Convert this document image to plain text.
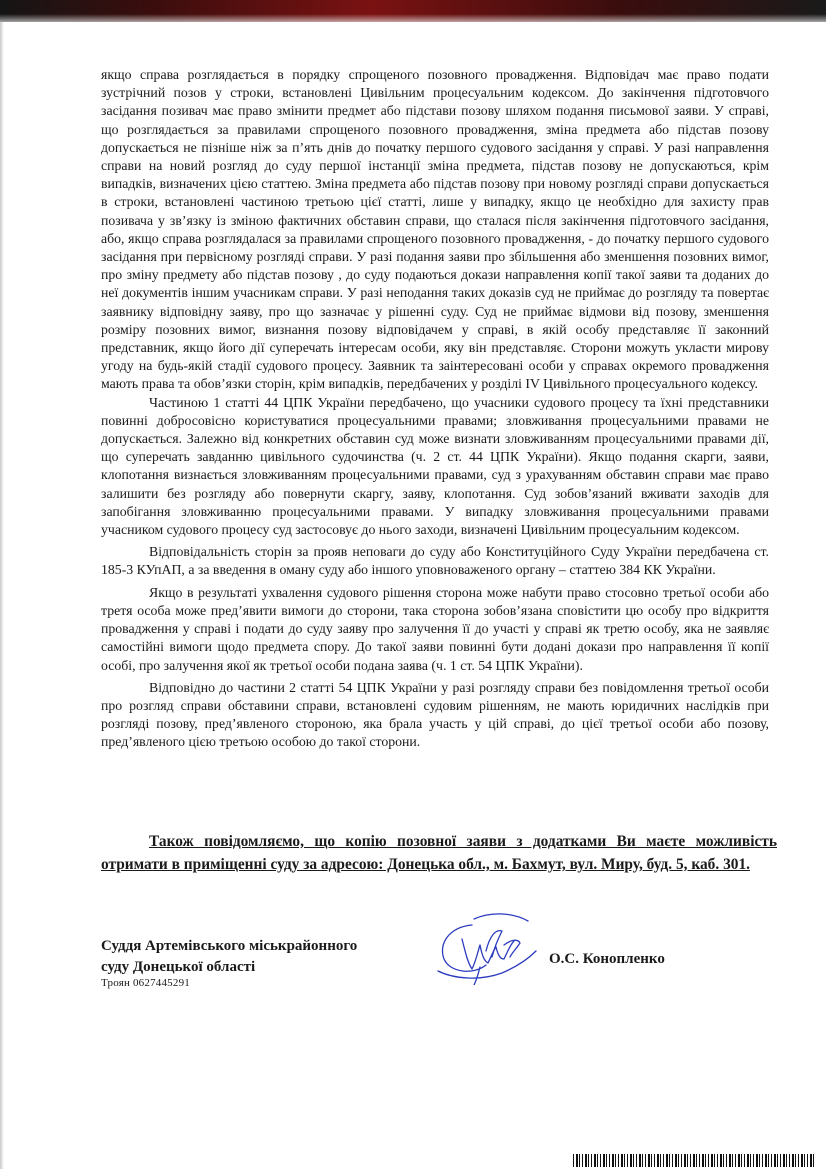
якщо справа розглядається в порядку спрощеного позовного провадження. Відповідач має право подати зустрічний позов у строки, встановлені Цивільним процесуальним кодексом. До закінчення підготовчого засідання позивач має право змінити предмет або підстави позову шляхом подання письмової заяви. У справі, що розглядається за правилами спрощеного позовного провадження, зміна предмета або підстав позову допускається не пізніше ніж за п’ять днів до початку першого судового засідання у справі. У разі направлення справи на новий розгляд до суду першої інстанції зміна предмета, підстав позову не допускаються, крім випадків, визначених цією статтею. Зміна предмета або підстав позову при новому розгляді справи допускається в строки, встановлені частиною третьою цієї статті, лише у випадку, якщо це необхідно для захисту прав позивача у зв’язку із зміною фактичних обставин справи, що сталася після закінчення підготовчого засідання, або, якщо справа розглядалася за правилами спрощеного позовного провадження, - до початку першого судового засідання при первісному розгляді справи. У разі подання заяви про збільшення або зменшення позовних вимог, про зміну предмету або підстав позову , до суду подаються докази направлення копії такої заяви та доданих до неї документів іншим учасникам справи. У разі неподання таких доказів суд не приймає до розгляду та повертає заявнику відповідну заяву, про що зазначає у рішенні суду. Суд не приймає відмови від позову, зменшення розміру позовних вимог, визнання позову відповідачем у справі, в якій особу представляє її законний представник, якщо його дії суперечать інтересам особи, яку він представляє. Сторони можуть укласти мирову угоду на будь-якій стадії судового процесу. Заявник та заінтересовані особи у справах окремого провадження мають права та обов’язки сторін, крім випадків, передбачених у розділі IV Цивільного процесуального кодексу.

Частиною 1 статті 44 ЦПК України передбачено, що учасники судового процесу та їхні представники повинні добросовісно користуватися процесуальними правами; зловживання процесуальними правами не допускається. Залежно від конкретних обставин суд може визнати зловживанням процесуальними правами дії, що суперечать завданню цивільного судочинства (ч. 2 ст. 44 ЦПК України). Якщо подання скарги, заяви, клопотання визнається зловживанням процесуальними правами, суд з урахуванням обставин справи має право залишити без розгляду або повернути скаргу, заяву, клопотання. Суд зобов’язаний вживати заходів для запобігання зловживанню процесуальними правами. У випадку зловживання процесуальними правами учасником судового процесу суд застосовує до нього заходи, визначені Цивільним процесуальним кодексом.

Відповідальність сторін за прояв неповаги до суду або Конституційного Суду України передбачена ст. 185-3 КУпАП, а за введення в оману суду або іншого уповноваженого органу – статтею 384 КК України.

Якщо в результаті ухвалення судового рішення сторона може набути право стосовно третьої особи або третя особа може пред’явити вимоги до сторони, така сторона зобов’язана сповістити цю особу про відкриття провадження у справі і подати до суду заяву про залучення її до участі у справі як третю особу, яка не заявляє самостійні вимоги щодо предмета спору. До такої заяви повинні бути додані докази про направлення її копії особі, про залучення якої як третьої особи подана заява (ч. 1 ст. 54 ЦПК України).

Відповідно до частини 2 статті 54 ЦПК України у разі розгляду справи без повідомлення третьої особи про розгляд справи обставини справи, встановлені судовим рішенням, не мають юридичних наслідків при розгляді позову, пред’явленого стороною, яка брала участь у цій справі, до цієї третьої особи або позову, пред’явленого цією третьою особою до такої сторони.

Також повідомляємо, що копію позовної заяви з додатками Ви маєте можливість отримати в приміщенні суду за адресою: Донецька обл., м. Бахмут, вул. Миру, буд. 5, каб. 301.
Суддя Артемівського міськрайонного
суду Донецької області
Троян 0627445291
О.С. Конопленко
